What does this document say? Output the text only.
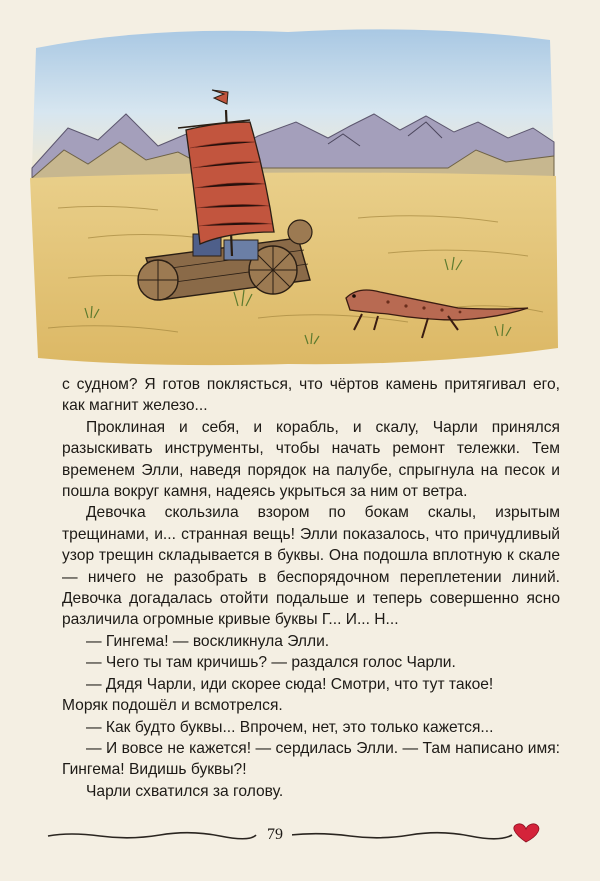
с судном? Я готов поклясться, что чёртов камень притягивал его, как магнит железо...

Проклиная и себя, и корабль, и скалу, Чарли принялся разыскивать инструменты, чтобы начать ремонт тележки. Тем временем Элли, наведя порядок на палубе, спрыгнула на песок и пошла вокруг камня, надеясь укрыться за ним от ветра.

Девочка скользила взором по бокам скалы, изрытым трещинами, и... странная вещь! Элли показалось, что причудливый узор трещин складывается в буквы. Она подошла вплотную к скале — ничего не разобрать в беспорядочном переплетении линий. Девочка догадалась отойти подальше и теперь совершенно ясно различила огромные кривые буквы Г... И... Н...

— Гингема! — воскликнула Элли.

— Чего ты там кричишь? — раздался голос Чарли.

— Дядя Чарли, иди скорее сюда! Смотри, что тут такое!

Моряк подошёл и всмотрелся.

— Как будто буквы... Впрочем, нет, это только кажется...

— И вовсе не кажется! — сердилась Элли. — Там написано имя: Гингема! Видишь буквы?!

Чарли схватился за голову.

79
